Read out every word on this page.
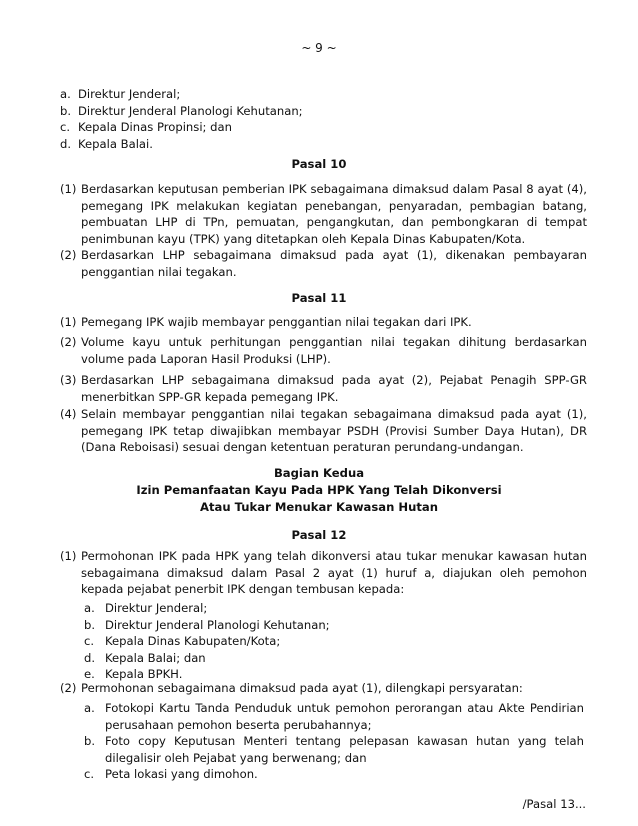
~ 9 ~
a. Direktur Jenderal;
b. Direktur Jenderal Planologi Kehutanan;
c. Kepala Dinas Propinsi; dan
d. Kepala Balai.
Pasal 10
(1) Berdasarkan keputusan pemberian IPK sebagaimana dimaksud dalam Pasal 8 ayat (4), pemegang IPK melakukan kegiatan penebangan, penyaradan, pembagian batang, pembuatan LHP di TPn, pemuatan, pengangkutan, dan pembongkaran di tempat penimbunan kayu (TPK) yang ditetapkan oleh Kepala Dinas Kabupaten/Kota.
(2) Berdasarkan LHP sebagaimana dimaksud pada ayat (1), dikenakan pembayaran penggantian nilai tegakan.
Pasal 11
(1) Pemegang IPK wajib membayar penggantian nilai tegakan dari IPK.
(2) Volume kayu untuk perhitungan penggantian nilai tegakan dihitung berdasarkan volume pada Laporan Hasil Produksi (LHP).
(3) Berdasarkan LHP sebagaimana dimaksud pada ayat (2), Pejabat Penagih SPP-GR menerbitkan SPP-GR kepada pemegang IPK.
(4) Selain membayar penggantian nilai tegakan sebagaimana dimaksud pada ayat (1), pemegang IPK tetap diwajibkan membayar PSDH (Provisi Sumber Daya Hutan), DR (Dana Reboisasi) sesuai dengan ketentuan peraturan perundang-undangan.
Bagian Kedua
Izin Pemanfaatan Kayu Pada HPK Yang Telah Dikonversi
Atau Tukar Menukar Kawasan Hutan
Pasal 12
(1) Permohonan IPK pada HPK yang telah dikonversi atau tukar menukar kawasan hutan sebagaimana dimaksud dalam Pasal 2 ayat (1) huruf a, diajukan oleh pemohon kepada pejabat penerbit IPK dengan tembusan kepada:
a. Direktur Jenderal;
b. Direktur Jenderal Planologi Kehutanan;
c. Kepala Dinas Kabupaten/Kota;
d. Kepala Balai; dan
e. Kepala BPKH.
(2) Permohonan sebagaimana dimaksud pada ayat (1), dilengkapi persyaratan:
a. Fotokopi Kartu Tanda Penduduk untuk pemohon perorangan atau Akte Pendirian perusahaan pemohon beserta perubahannya;
b. Foto copy Keputusan Menteri tentang pelepasan kawasan hutan yang telah dilegalisir oleh Pejabat yang berwenang; dan
c. Peta lokasi yang dimohon.
/Pasal 13...
